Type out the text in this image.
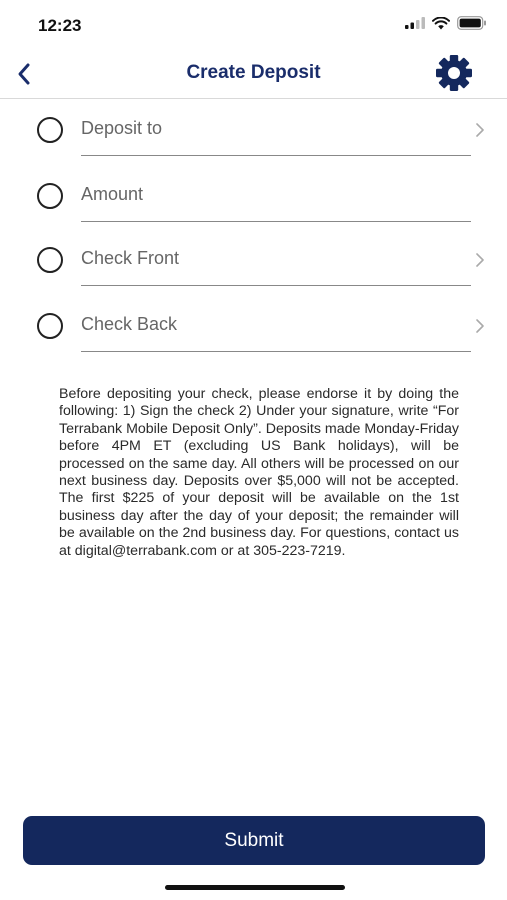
12:23
Create Deposit
Deposit to
Amount
Check Front
Check Back
Before depositing your check, please endorse it by doing the following: 1) Sign the check 2) Under your signature, write “For Terrabank Mobile Deposit Only”. Deposits made Monday-Friday before 4PM ET (excluding US Bank holidays), will be processed on the same day. All others will be processed on our next business day. Deposits over $5,000 will not be accepted. The first $225 of your deposit will be available on the 1st business day after the day of your deposit; the remainder will be available on the 2nd business day. For questions, contact us at digital@terrabank.com or at 305-223-7219.
Submit
